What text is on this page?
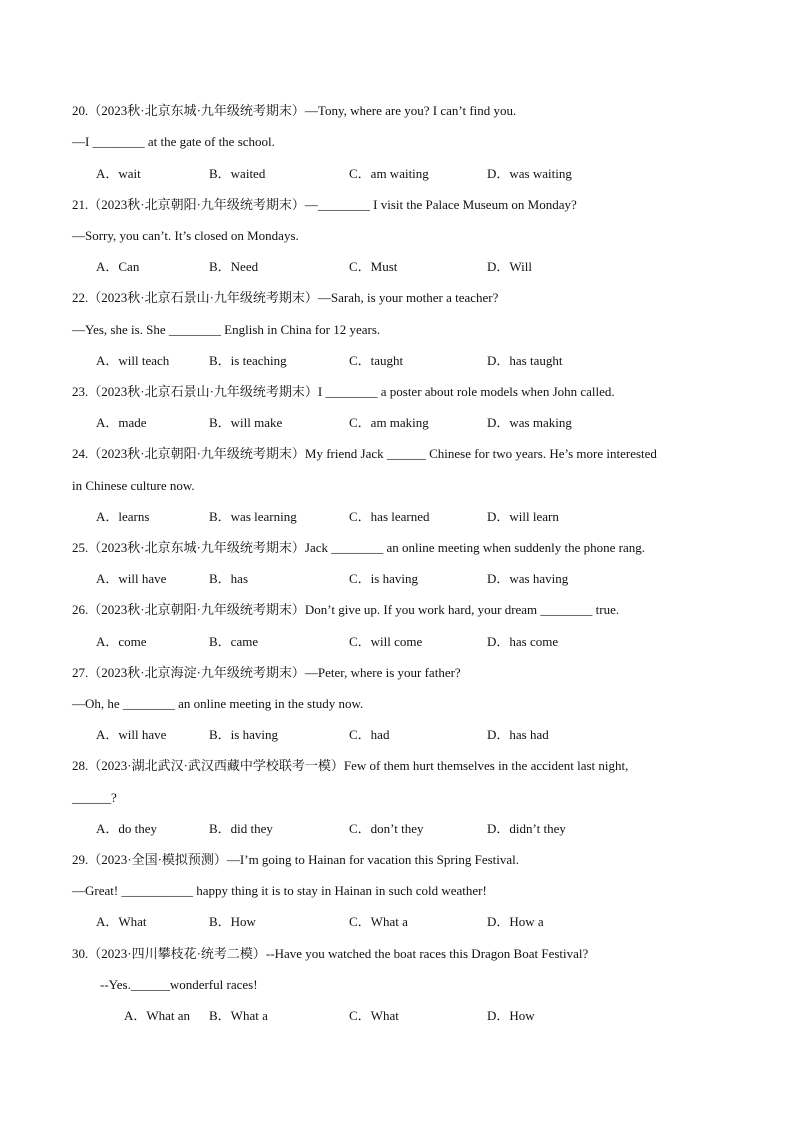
20.（2023秋·北京东城·九年级统考期末）—Tony, where are you? I can’t find you.
—I ________ at the gate of the school.
A．wait	B．waited	C．am waiting	D．was waiting
21.（2023秋·北京朝阳·九年级统考期末）—________ I visit the Palace Museum on Monday?
—Sorry, you can’t. It’s closed on Mondays.
A．Can	B．Need	C．Must	D．Will
22.（2023秋·北京石景山·九年级统考期末）—Sarah, is your mother a teacher?
—Yes, she is. She ________ English in China for 12 years.
A．will teach	B．is teaching	C．taught	D．has taught
23.（2023秋·北京石景山·九年级统考期末）I ________ a poster about role models when John called.
A．made	B．will make	C．am making	D．was making
24.（2023秋·北京朝阳·九年级统考期末）My friend Jack ______ Chinese for two years. He’s more interested
in Chinese culture now.
A．learns	B．was learning	C．has learned	D．will learn
25.（2023秋·北京东城·九年级统考期末）Jack ________ an online meeting when suddenly the phone rang.
A．will have	B．has	C．is having	D．was having
26.（2023秋·北京朝阳·九年级统考期末）Don’t give up. If you work hard, your dream ________ true.
A．come	B．came	C．will come	D．has come
27.（2023秋·北京海淀·九年级统考期末）—Peter, where is your father?
—Oh, he ________ an online meeting in the study now.
A．will have	B．is having	C．had	D．has had
28.（2023·湖北武汉·武汉西藏中学校联考一模）Few of them hurt themselves in the accident last night,
______?
A．do they	B．did they	C．don’t they	D．didn’t they
29.（2023·全国·模拟预测）—I’m going to Hainan for vacation this Spring Festival.
—Great! ___________ happy thing it is to stay in Hainan in such cold weather!
A．What	B．How	C．What a	D．How a
30.（2023·四川攀枝花·统考二模）--Have you watched the boat races this Dragon Boat Festival?
--Yes.______wonderful races!
A．What an B．What a	C．What	D．How
